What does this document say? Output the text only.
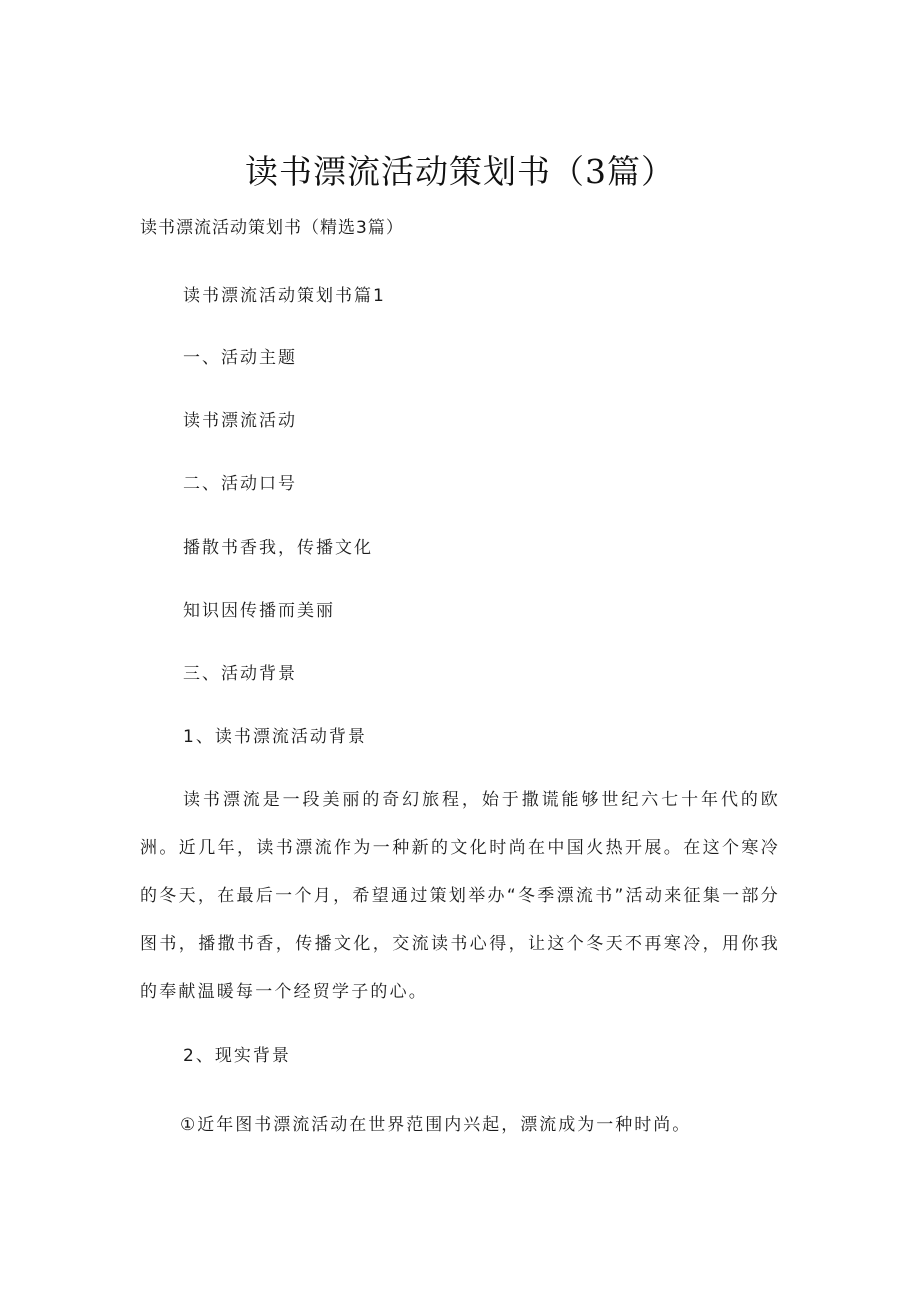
读书漂流活动策划书（3篇）
读书漂流活动策划书（精选3篇）
读书漂流活动策划书篇1
一、活动主题
读书漂流活动
二、活动口号
播散书香我，传播文化
知识因传播而美丽
三、活动背景
1、读书漂流活动背景
读书漂流是一段美丽的奇幻旅程，始于撒谎能够世纪六七十年代的欧洲。近几年，读书漂流作为一种新的文化时尚在中国火热开展。在这个寒冷的冬天，在最后一个月，希望通过策划举办“冬季漂流书”活动来征集一部分图书，播撒书香，传播文化，交流读书心得，让这个冬天不再寒冷，用你我的奉献温暖每一个经贸学子的心。
2、现实背景
①近年图书漂流活动在世界范围内兴起，漂流成为一种时尚。
